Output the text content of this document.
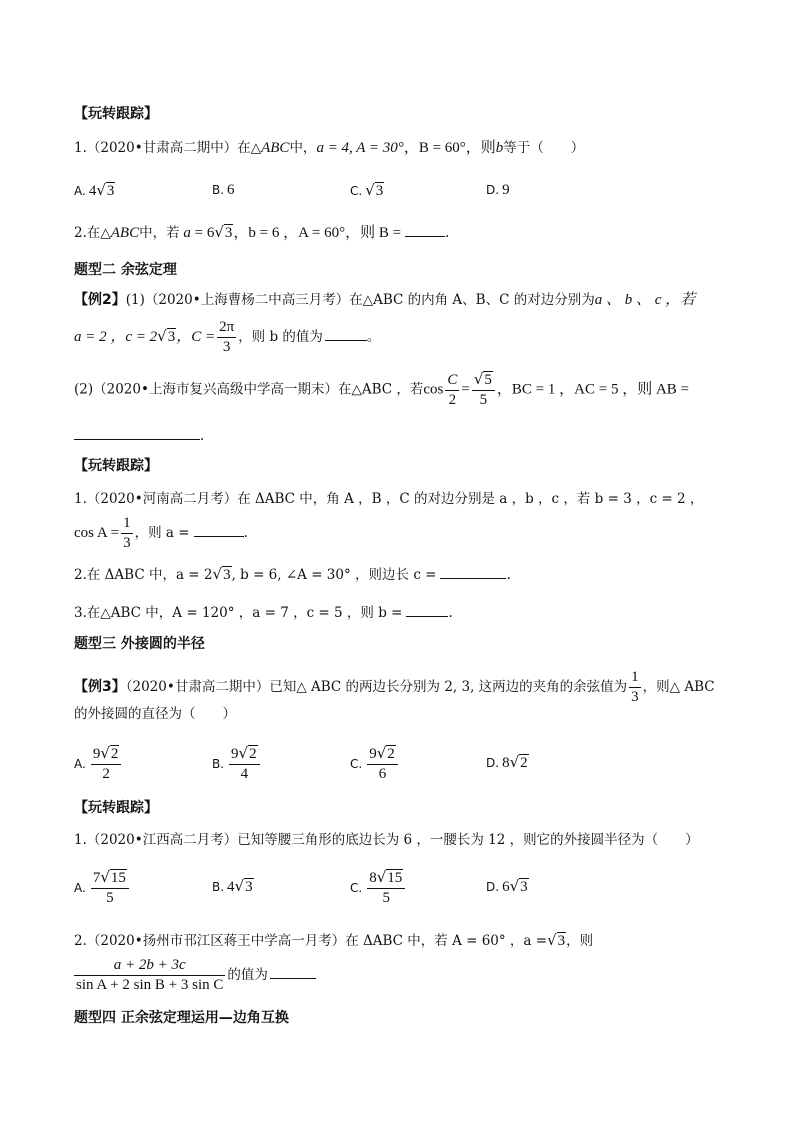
【玩转跟踪】
1.（2020•甘肃高二期中）在△ABC中，a = 4, A = 30°，B = 60°，则b等于（　　）
A. 4√3	B. 6	C. √3	D. 9
2.在△ABC中，若 a = 6√3，b = 6 ，A = 60°，则 B =	.
题型二 余弦定理
【例2】(1)（2020•上海曹杨二中高三月考）在△ABC 的内角 A、B、C 的对边分别为a 、 b 、 c ，若
a = 2 ，c = 2√3，$C = \frac{2\pi}{3}$ ，则 b 的值为	。
(2)（2020•上海市复兴高级中学高一期末）在△ABC ，若$\cos \frac{C}{2} = \frac{√5}{5}$ ，BC = 1 ，AC = 5 ，则 AB =
.
【玩转跟踪】
1.（2020•河南高二月考）在 ΔABC 中，角 A ，B ，C 的对边分别是 a ，b ，c ，若 b = 3 ，c = 2 ，
$\cos A = \frac{1}{3}$ ，则 a =	.
2.在 ΔABC 中，a = 2√3, b = 6, ∠A = 30° ，则边长 c =	.
3.在△ABC 中，A = 120° ，a = 7 ，c = 5 ，则 b =	.
题型三 外接圆的半径
【例3】（2020•甘肃高二期中）已知△ ABC 的两边长分别为 2, 3, 这两边的夹角的余弦值为 $\frac{1}{3}$ ，则△ ABC
的外接圆的直径为（　　）
A. $\frac{9√2}{2}$	B. $\frac{9√2}{4}$	C. $\frac{9√2}{6}$	D. 8√2
【玩转跟踪】
1.（2020•江西高二月考）已知等腰三角形的底边长为 6 ，一腰长为 12 ，则它的外接圆半径为（　　）
A. $\frac{7√15}{5}$	B. 4√3	C. $\frac{8√15}{5}$	D. 6√3
2.（2020•扬州市邗江区蒋王中学高一月考）在 ΔABC 中，若 A = 60° ，a =√3，则
$\frac{a + 2b + 3c}{\text{sin A + 2 sin B + 3 sin C}}$ 的值为
题型四 正余弦定理运用—边角互换
